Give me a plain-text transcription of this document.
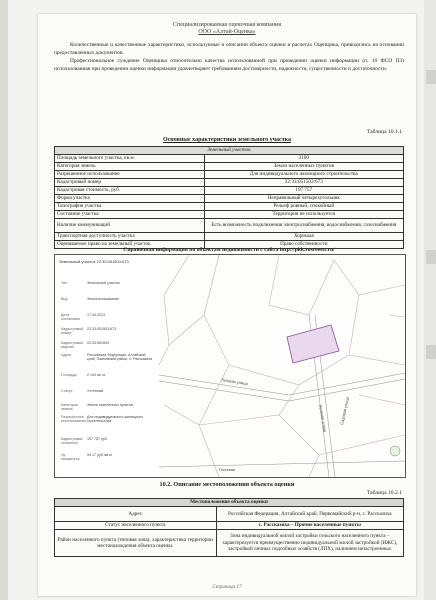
Специализированная оценочная компания
ООО «Алтай-Оценка»
Количественные и качественные характеристики, используемые в описании объекта оценки и расчетах Оценщика, приводились на основании предоставленных документов.
Профессиональное суждение Оценщика относительно качества использованной при проведении оценки информации (п. 10 ФСО П3) использованная при проведении оценки информация удовлетворяет требованиям достоверности, надежности, существенности и достаточности.
Таблица 10.1.1
Основные характеристики земельного участка
Земельный участок	
Площадь земельного участка, кв.м.	2100
Категория земель	Земли населенных пунктов
Разрешенное использование	Для индивидуального жилищного строительства
Кадастровый номер	22:33:051503:673
Кадастровая стоимость, руб.	197 757
Форма участка	Неправильный четырехугольник
Топография участка	Рельеф ровный, спокойный
Состояние участка	Территория не используется
Наличие коммуникаций	Есть возможность подключения электроснабжения, водоснабжения, газоснабжения
Транспортная доступность участка	Хорошая
Оцениваемое право на земельный участок	Право собственности
Справочная информация по объектам недвижимости с сайта http://pkk.rosreestr.ru/
Земельный участок 22:33:051503:673
Тип	Земельный участок
Вид	Землепользование
Дата постановки
17.04.2013
Кадастровый номер
22:33:051503:673
Кадастровый квартал
22:33:051503
Адрес	Российская Федерация, Алтайский край, Павловский район, с. Рассказиха
Площадь	2 100 кв. м
Статус	Учтенный
Категория земель
Земли населенных пунктов
Разрешенное использование
Для индивидуального жилищного строительства
Кадастровая стоимость
197 757 руб.
Уд. показатель
94,17 руб./кв.м
Луговая улица
Зелёная улица	Садовая улица
Полевая
10.2. Описание местоположения объекта оценки
Таблица 10.2.1
Местоположение объекта оценки	
Адрес	Российская Федерация, Алтайский край, Первомайский р-н, с. Рассказиха
Статус населенного пункта	с. Рассказиха – Прочие населенные пункты
Район населенного пункта (типовая зона), характеристика территории местонахождения объекта оценки.	Зона индивидуальной жилой застройки сельского населенного пункта – характеризуется преимущественно индивидуальной жилой застройкой (ИЖС), застройкой личных подсобных хозяйств (ЛПХ), наличием незастроенных
Страница 17
